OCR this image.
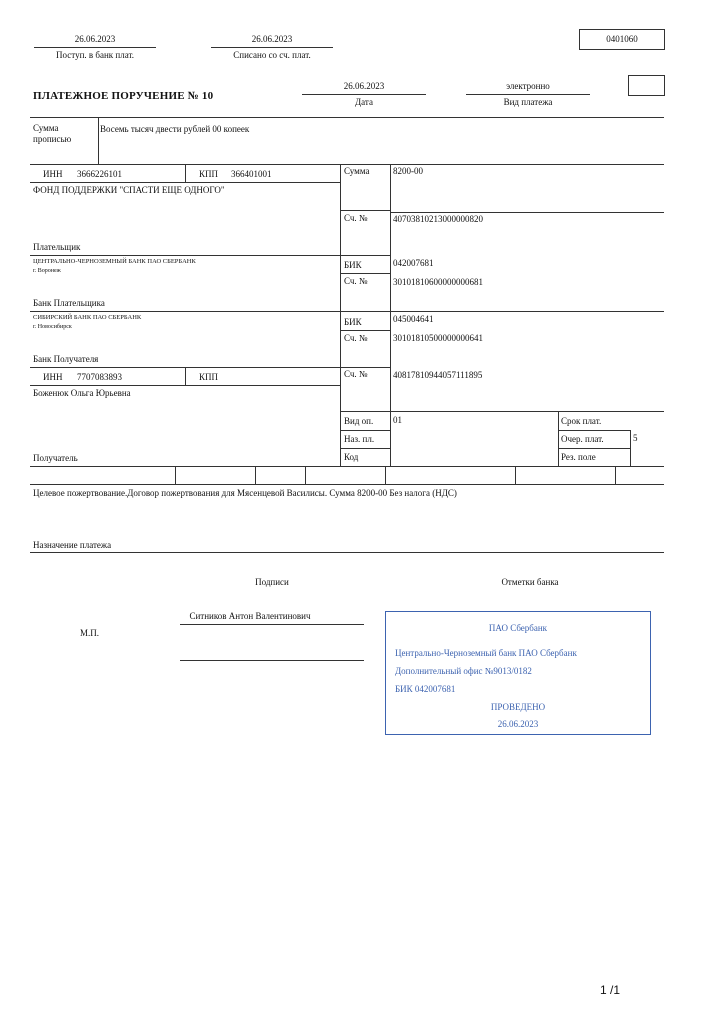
26.06.2023
Поступ. в банк плат.
26.06.2023
Списано со сч. плат.
0401060
ПЛАТЕЖНОЕ ПОРУЧЕНИЕ № 10
26.06.2023
Дата
электронно
Вид платежа
Сумма
прописью
Восемь тысяч двести рублей 00 копеек
ИНН 3666226101	КПП 366401001
ФОНД ПОДДЕРЖКИ "СПАСТИ ЕЩЕ ОДНОГО"
Плательщик
Сумма	8200-00
Сч. №	40703810213000000820
ЦЕНТРАЛЬНО-ЧЕРНОЗЕМНЫЙ БАНК ПАО СБЕРБАНК
г. Воронеж
Банк Плательщика
БИК	042007681
Сч. №	30101810600000000681
СИБИРСКИЙ БАНК ПАО СБЕРБАНК
г. Новосибирск
Банк Получателя
БИК	045004641
Сч. №	30101810500000000641
ИНН 7707083893	КПП
Боженюк Ольга Юрьевна
Сч. №	40817810944057111895
Получатель
Вид оп. 01
Наз. пл.
Код
Срок плат.
Очер. плат.	5
Рез. поле
Целевое пожертвование.Договор пожертвования для Мясенцевой Василисы. Сумма 8200-00 Без налога (НДС)
Назначение платежа
Подписи	Отметки банка
Ситников Антон Валентинович
М.П.	ПАО Сбербанк
Центрально-Черноземный банк ПАО Сбербанк
Дополнительный офис №9013/0182
БИК 042007681
ПРОВЕДЕНО
26.06.2023
1 /1
